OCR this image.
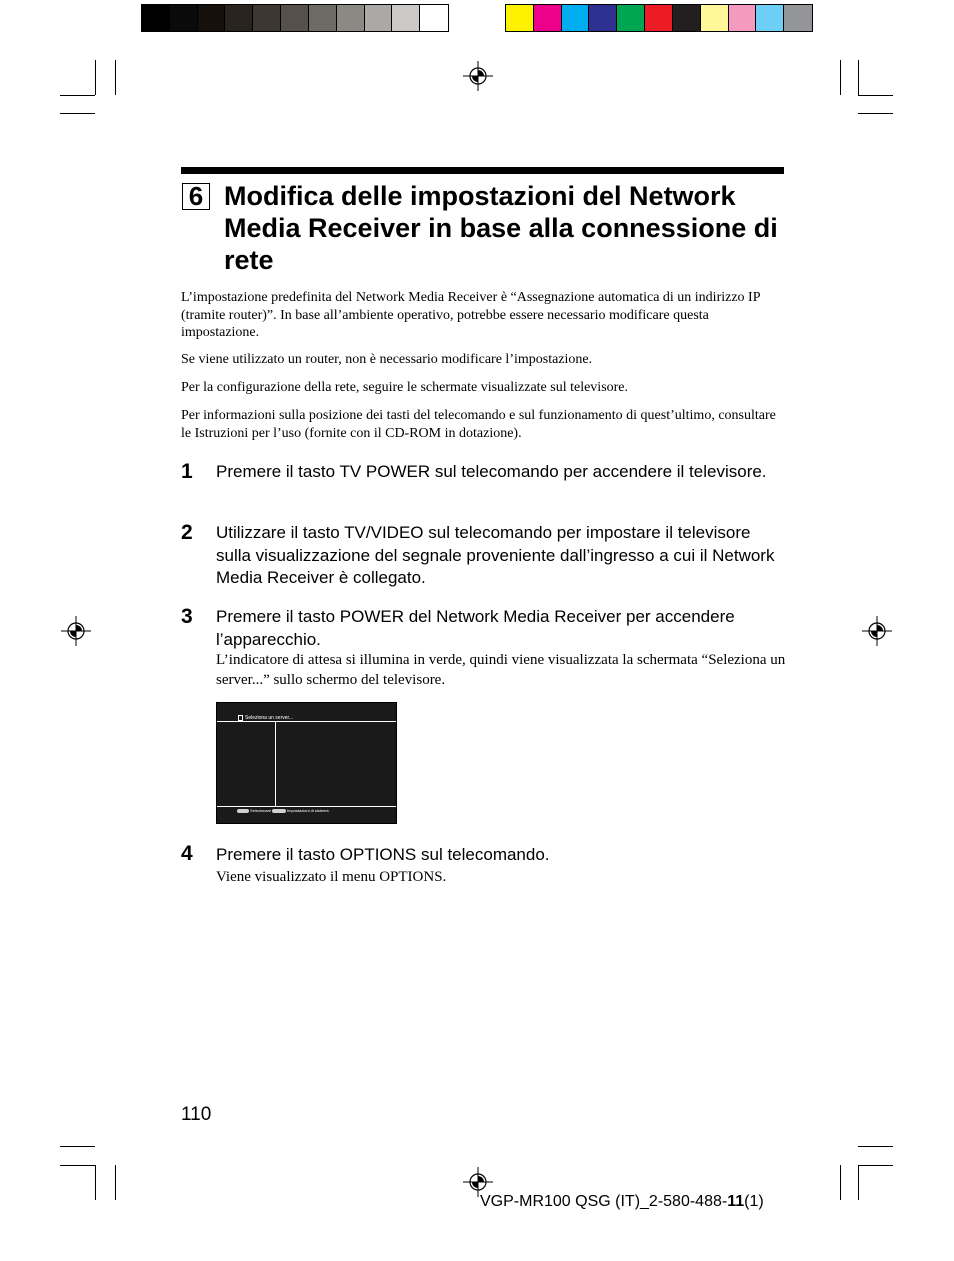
6 Modifica delle impostazioni del Network Media Receiver in base alla connessione di rete
L’impostazione predefinita del Network Media Receiver è “Assegnazione automatica di un indirizzo IP (tramite router)”. In base all’ambiente operativo, potrebbe essere necessario modificare questa impostazione.
Se viene utilizzato un router, non è necessario modificare l’impostazione.
Per la configurazione della rete, seguire le schermate visualizzate sul televisore.
Per informazioni sulla posizione dei tasti del telecomando e sul funzionamento di quest’ultimo, consultare le Istruzioni per l’uso (fornite con il CD-ROM in dotazione).
1 Premere il tasto TV POWER sul telecomando per accendere il televisore.
2 Utilizzare il tasto TV/VIDEO sul telecomando per impostare il televisore sulla visualizzazione del segnale proveniente dall’ingresso a cui il Network Media Receiver è collegato.
3 Premere il tasto POWER del Network Media Receiver per accendere l’apparecchio.
L’indicatore di attesa si illumina in verde, quindi viene visualizzata la schermata “Seleziona un server...” sullo schermo del televisore.
Seleziona un server...
Selezionare	Impostazioni di sistema
4 Premere il tasto OPTIONS sul telecomando.
Viene visualizzato il menu OPTIONS.
110
VGP-MR100 QSG (IT)_2-580-488-11(1)
